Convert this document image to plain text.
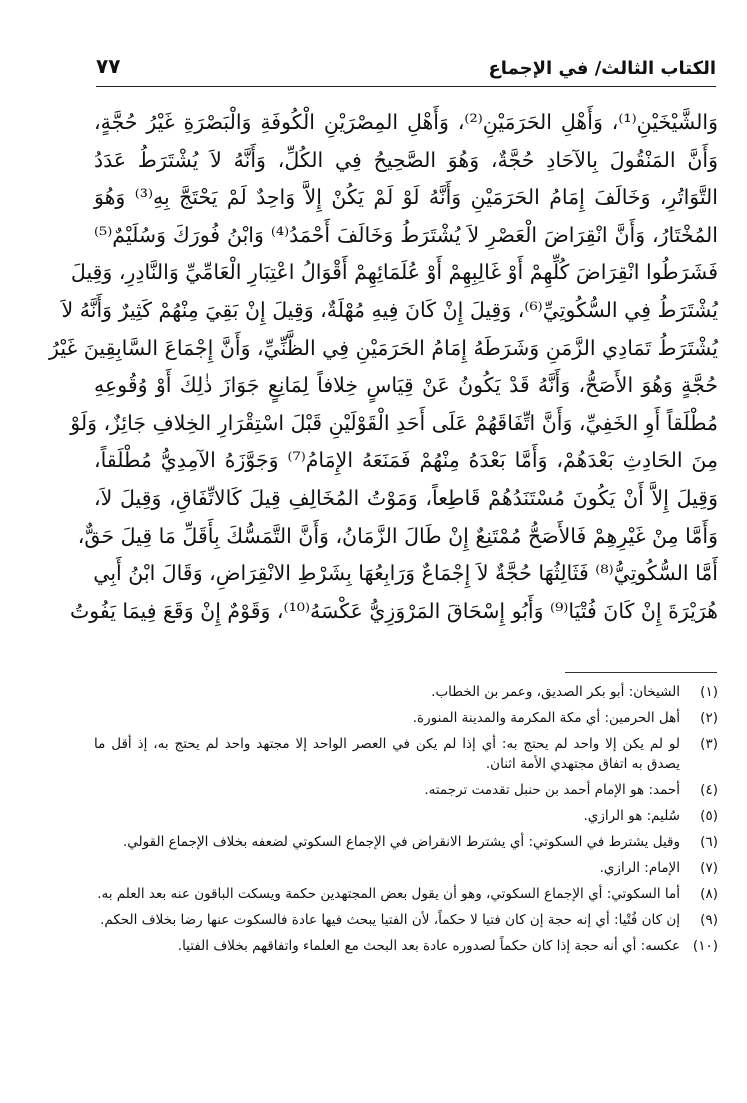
الكتاب الثالث/ في الإجماع
٧٧
وَالشَّيْخَيْنِ⁽¹⁾، وَأَهْلِ الحَرَمَيْنِ⁽²⁾، وَأَهْلِ المِصْرَيْنِ الْكُوفَةِ وَالْبَصْرَةِ غَيْرُ حُجَّةٍ،
وَأَنَّ المَنْقُولَ بِالآحَادِ حُجَّةٌ، وَهُوَ الصَّحِيحُ فِي الكُلِّ، وَأَنَّهُ لاَ يُشْتَرَطُ عَدَدُ
التَّوَاتُرِ، وَخَالَفَ إِمَامُ الحَرَمَيْنِ وَأَنَّهُ لَوْ لَمْ يَكُنْ إِلاَّ وَاحِدٌ لَمْ يَحْتَجَّ بِهِ⁽³⁾ وَهُوَ
المُخْتَارُ، وَأَنَّ انْقِرَاضَ الْعَصْرِ لاَ يُشْتَرَطُ وَخَالَفَ أَحْمَدُ⁽⁴⁾ وَابْنُ فُورَكَ وَسُلَيْمٌ⁽⁵⁾
فَشَرَطُوا انْقِرَاضَ كُلِّهِمْ أَوْ غَالِبِهِمْ أَوْ عُلَمَائِهِمْ أَقْوَالُ اعْتِبَارِ الْعَامِّيِّ وَالنَّادِرِ، وَقِيلَ
يُشْتَرَطُ فِي السُّكُوتِيِّ⁽⁶⁾، وَقِيلَ إِنْ كَانَ فِيهِ مُهْلَةٌ، وَقِيلَ إِنْ بَقِيَ مِنْهُمْ كَثِيرٌ وَأَنَّهُ لاَ
يُشْتَرَطُ تَمَادِي الزَّمَنِ وَشَرَطَهُ إِمَامُ الحَرَمَيْنِ فِي الظَّنِّيِّ، وَأَنَّ إِجْمَاعَ السَّابِقِينَ غَيْرُ
حُجَّةٍ وَهُوَ الأَصَحُّ، وَأَنَّهُ قَدْ يَكُونُ عَنْ قِيَاسٍ خِلافاً لِمَانِعٍ جَوَازَ ذٰلِكَ أَوْ وُقُوعِهِ
مُطْلَقاً أَوِ الخَفِيِّ، وَأَنَّ اتِّفَاقَهُمْ عَلَى أَحَدِ الْقَوْلَيْنِ قَبْلَ اسْتِقْرَارِ الخِلافِ جَائِزٌ، وَلَوْ
مِنَ الحَادِثِ بَعْدَهُمْ، وَأَمَّا بَعْدَهُ مِنْهُمْ فَمَنَعَهُ الإِمَامُ⁽⁷⁾ وَجَوَّزَهُ الآمِدِيُّ مُطْلَقاً،
وَقِيلَ إِلاَّ أَنْ يَكُونَ مُسْتَنَدُهُمْ قَاطِعاً، وَمَوْتُ المُخَالِفِ قِيلَ كَالاتِّفَاقِ، وَقِيلَ لاَ،
وَأَمَّا مِنْ غَيْرِهِمْ فَالأَصَحُّ مُمْتَنِعٌ إِنْ طَالَ الزَّمَانُ، وَأَنَّ التَّمَسُّكَ بِأَقَلِّ مَا قِيلَ حَقٌّ،
أَمَّا السُّكُوتِيُّ⁽⁸⁾ فَثَالِثُهَا حُجَّةٌ لاَ إِجْمَاعٌ وَرَابِعُهَا بِشَرْطِ الانْقِرَاضِ، وَقَالَ ابْنُ أَبِي
هُرَيْرَةَ إِنْ كَانَ فُتْيَا⁽⁹⁾ وَأَبُو إِسْحَاقَ المَرْوَزِيُّ عَكْسَهُ⁽¹⁰⁾، وَقَوْمٌ إِنْ وَقَعَ فِيمَا يَفُوتُ
(١)
الشيخان: أبو بكر الصديق، وعمر بن الخطاب.
(٢)
أهل الحرمين: أي مكة المكرمة والمدينة المنورة.
(٣)
لو لم يكن إلا واحد لم يحتج به: أي إذا لم يكن في العصر الواحد إلا مجتهد واحد لم يحتج به، إذ أقل ما يصدق به اتفاق مجتهدي الأمة اثنان.
(٤)
أحمد: هو الإمام أحمد بن حنبل تقدمت ترجمته.
(٥)
سُليم: هو الرازي.
(٦)
وقيل يشترط في السكوتي: أي يشترط الانقراض في الإجماع السكوتي لضعفه بخلاف الإجماع القولي.
(٧)
الإمام: الرازي.
(٨)
أما السكوتي: أي الإجماع السكوتي، وهو أن يقول بعض المجتهدين حكمة ويسكت الباقون عنه بعد العلم به.
(٩)
إن كان فُتْيا: أي إنه حجة إن كان فتيا لا حكماً، لأن الفتيا يبحث فيها عادة فالسكوت عنها رضا بخلاف الحكم.
(١٠)
عكسه: أي أنه حجة إذا كان حكماً لصدوره عادة بعد البحث مع العلماء واتفاقهم بخلاف الفتيا.
